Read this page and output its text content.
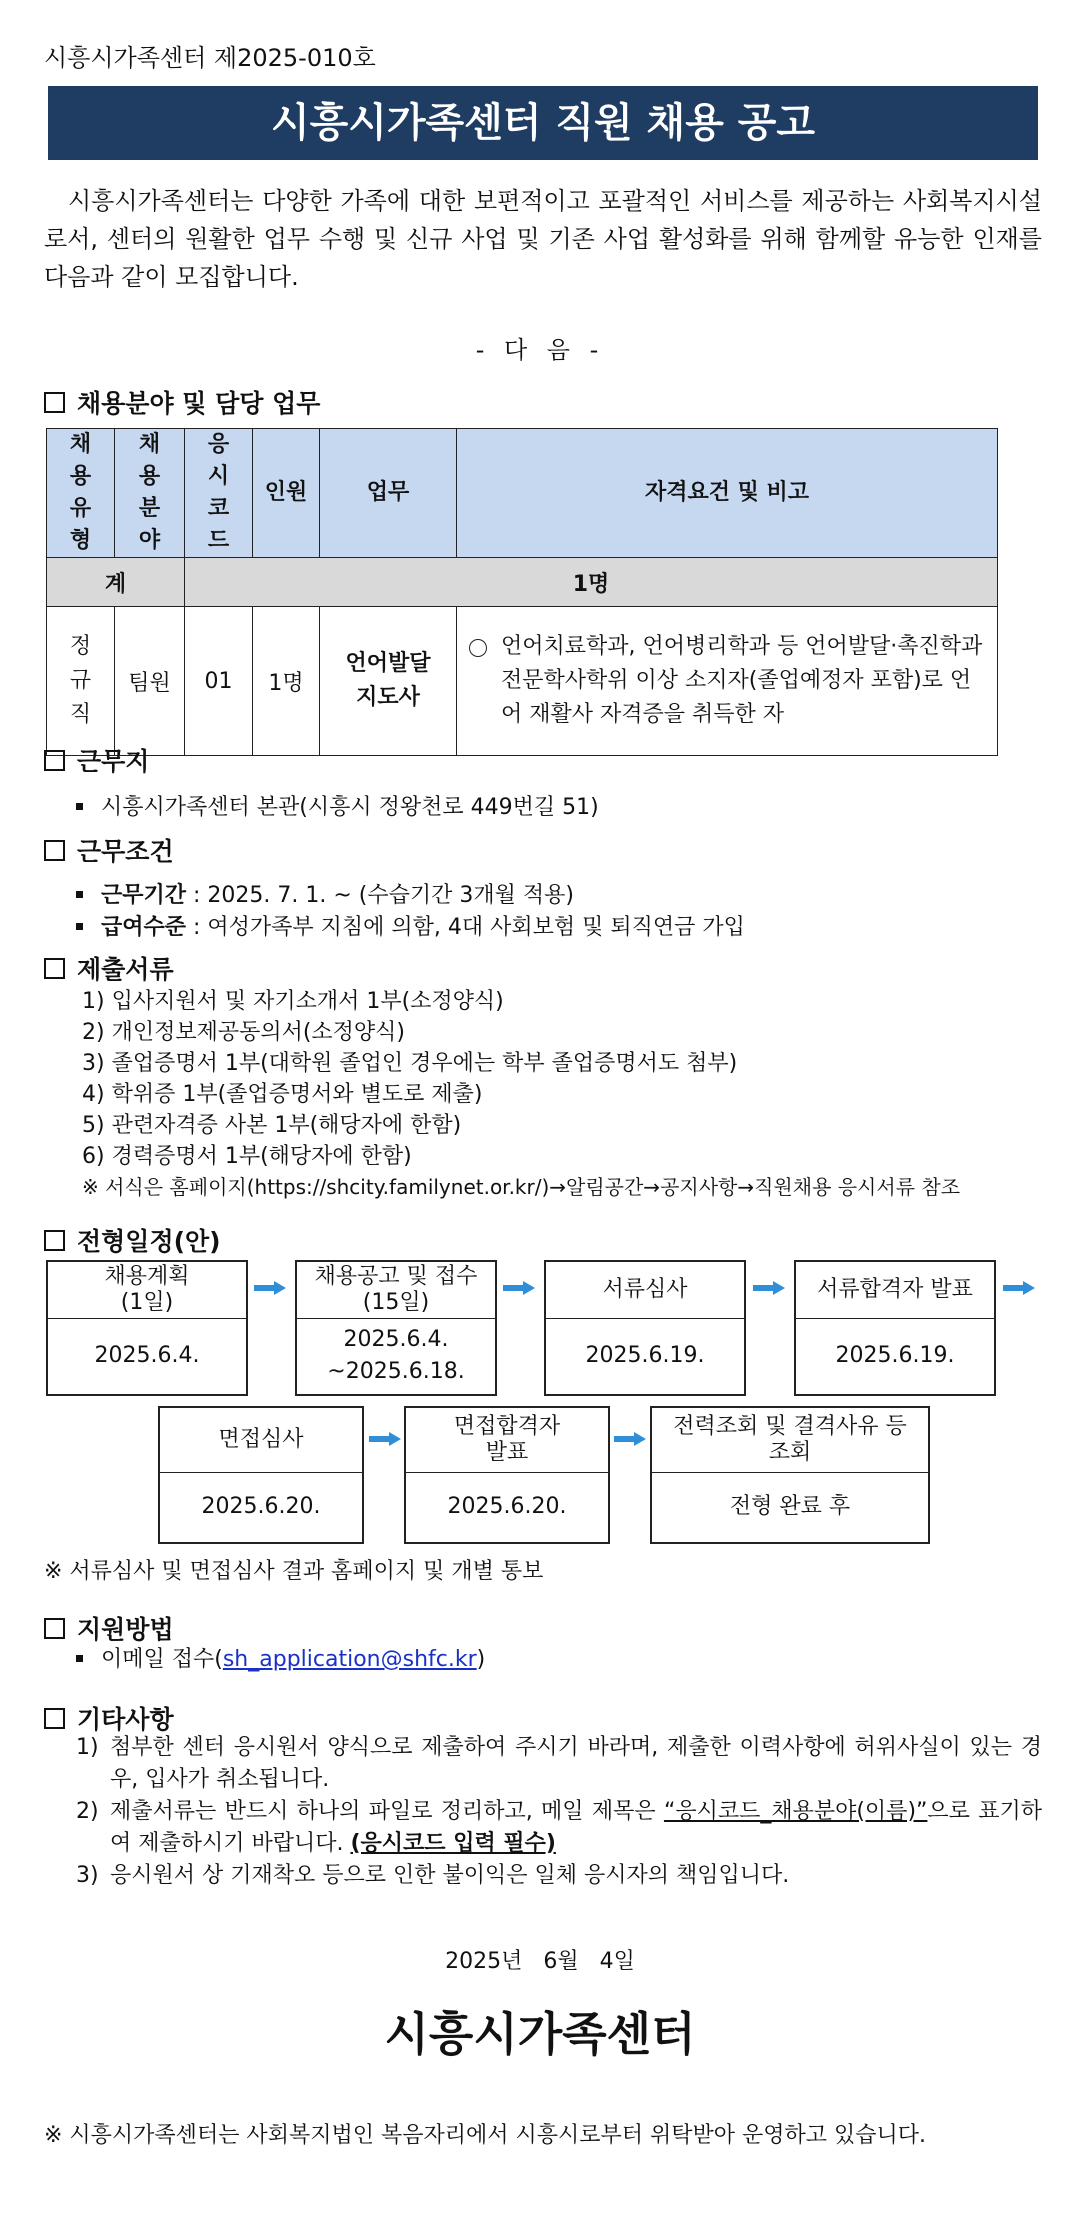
시흥시가족센터 제2025-010호
시흥시가족센터 직원 채용 공고
시흥시가족센터는 다양한 가족에 대한 보편적이고 포괄적인 서비스를 제공하는 사회복지시설로서, 센터의 원활한 업무 수행 및 신규 사업 및 기존 사업 활성화를 위해 함께할 유능한 인재를 다음과 같이 모집합니다.
- 다 음 -
채용분야 및 담당 업무
채용 유형	채용 분야	응시 코드	인원	업무	자격요건 및 비고
계		1명			

정 규 직	팀원	01	1명	언어발달 지도사	언어치료학과, 언어병리학과 등 언어발달·촉진학과 전문학사학위 이상 소지자(졸업예정자 포함)로 언어 재활사 자격증을 취득한 자
근무지
시흥시가족센터 본관(시흥시 정왕천로 449번길 51)
근무조건
근무기간 : 2025. 7. 1. ~ (수습기간 3개월 적용)
급여수준 : 여성가족부 지침에 의함, 4대 사회보험 및 퇴직연금 가입
제출서류
1) 입사지원서 및 자기소개서 1부(소정양식)
2) 개인정보제공동의서(소정양식)
3) 졸업증명서 1부(대학원 졸업인 경우에는 학부 졸업증명서도 첨부)
4) 학위증 1부(졸업증명서와 별도로 제출)
5) 관련자격증 사본 1부(해당자에 한함)
6) 경력증명서 1부(해당자에 한함)
※ 서식은 홈페이지(https://shcity.familynet.or.kr/)→알림공간→공지사항→직원채용 응시서류 참조
전형일정(안)
채용계획
(1일)
2025.6.4.
채용공고 및 접수
(15일)
2025.6.4.
~2025.6.18.
서류심사
2025.6.19.
서류합격자 발표
2025.6.19.
면접심사
2025.6.20.
면접합격자
발표
2025.6.20.
전력조회 및 결격사유 등
조회
전형 완료 후
※ 서류심사 및 면접심사 결과 홈페이지 및 개별 통보
지원방법
이메일 접수(sh_application@shfc.kr)
기타사항
1) 첨부한 센터 응시원서 양식으로 제출하여 주시기 바라며, 제출한 이력사항에 허위사실이 있는 경우, 입사가 취소됩니다.
2) 제출서류는 반드시 하나의 파일로 정리하고, 메일 제목은 “응시코드_채용분야(이름)”으로 표기하여 제출하시기 바랍니다. (응시코드 입력 필수)
3) 응시원서 상 기재착오 등으로 인한 불이익은 일체 응시자의 책임입니다.
2025년 6월 4일
시흥시가족센터
※ 시흥시가족센터는 사회복지법인 복음자리에서 시흥시로부터 위탁받아 운영하고 있습니다.
